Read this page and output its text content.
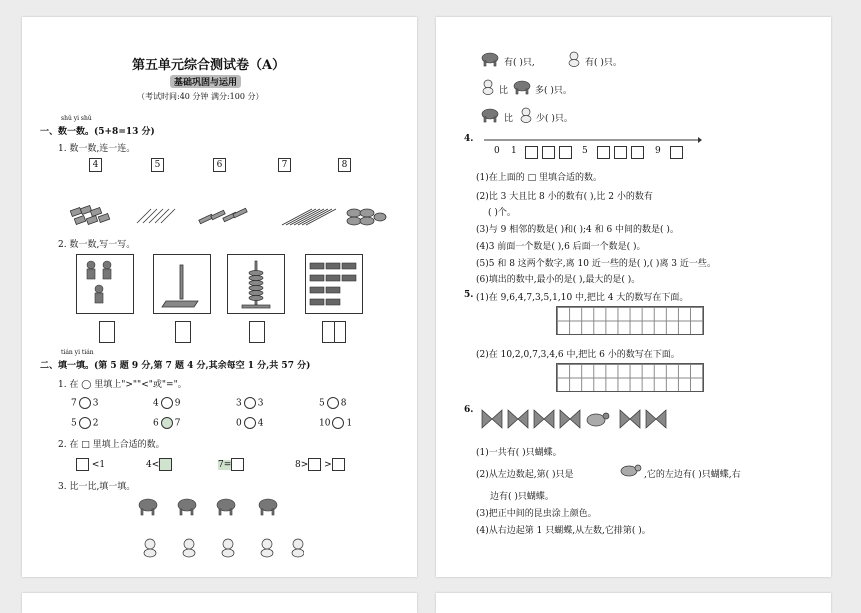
第五单元综合测试卷（A）
基础巩固与运用
（考试时间:40 分钟 满分:100 分）
shǔ yi shǔ
一、数一数。(5+8=13 分)
1. 数一数,连一连。
4	5	6	7	8
2. 数一数,写一写。
tián yi tián
二、填一填。(第 5 题 9 分,第 7 题 4 分,其余每空 1 分,共 57 分)
1. 在 ◯ 里填上">""<"或"="。
7 3	4 9	3 3	5 8
5 2	6 7	0 4	10 1
2. 在 □ 里填上合适的数。
<1	4<	7=	8> >
3. 比一比,填一填。
有( )只,	有( )只。
比	多( )只。
比	少( )只。
4.
0 1	5	9
(1)在上面的 □ 里填合适的数。
(2)比 3 大且比 8 小的数有( ),比 2 小的数有
( )个。
(3)与 9 相邻的数是( )和( );4 和 6 中间的数是( )。
(4)3 前面一个数是( ),6 后面一个数是( )。
(5)5 和 8 这两个数字,离 10 近一些的是( ),( )离 3 近一些。
(6)填出的数中,最小的是( ),最大的是( )。
5. (1)在 9,6,4,7,3,5,1,10 中,把比 4 大的数写在下面。
(2)在 10,2,0,7,3,4,6 中,把比 6 小的数写在下面。
6.
(1)一共有( )只蝴蝶。
(2)从左边数起,第( )只是	,它的左边有( )只蝴蝶,右
边有( )只蝴蝶。
(3)把正中间的昆虫涂上颜色。
(4)从右边起第 1 只蝴蝶,从左数,它排第( )。
